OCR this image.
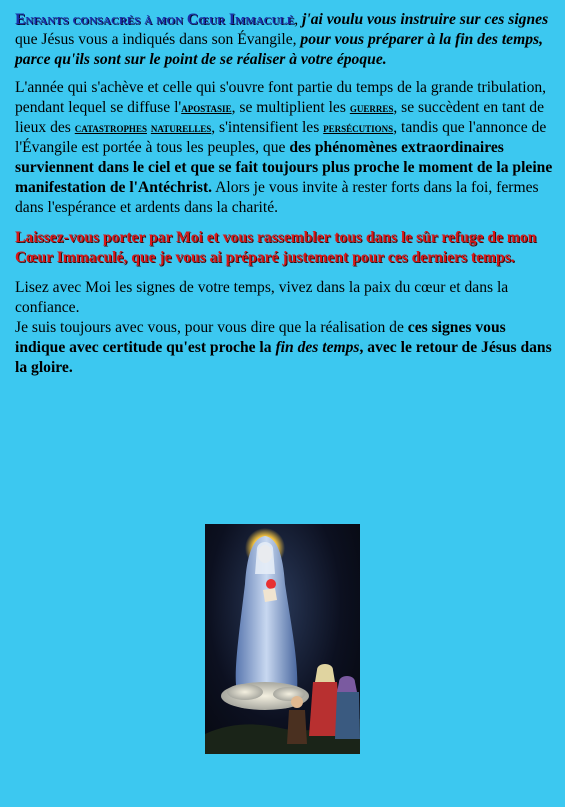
Enfants consacrés à mon Cœur Immaculé, j'ai voulu vous instruire sur ces signes que Jésus vous a indiqués dans son Évangile, pour vous préparer à la fin des temps, parce qu'ils sont sur le point de se réaliser à votre époque.

L'année qui s'achève et celle qui s'ouvre font partie du temps de la grande tribulation, pendant lequel se diffuse l'apostasie, se multiplient les guerres, se succèdent en tant de lieux des catastrophes naturelles, s'intensifient les persécutions, tandis que l'annonce de l'Évangile est portée à tous les peuples, que des phénomènes extraordinaires surviennent dans le ciel et que se fait toujours plus proche le moment de la pleine manifestation de l'Antéchrist. Alors je vous invite à rester forts dans la foi, fermes dans l'espérance et ardents dans la charité.

Laissez-vous porter par Moi et vous rassembler tous dans le sûr refuge de mon Cœur Immaculé, que je vous ai préparé justement pour ces derniers temps.

Lisez avec Moi les signes de votre temps, vivez dans la paix du cœur et dans la confiance.

Je suis toujours avec vous, pour vous dire que la réalisation de ces signes vous indique avec certitude qu'est proche la fin des temps, avec le retour de Jésus dans la gloire.
